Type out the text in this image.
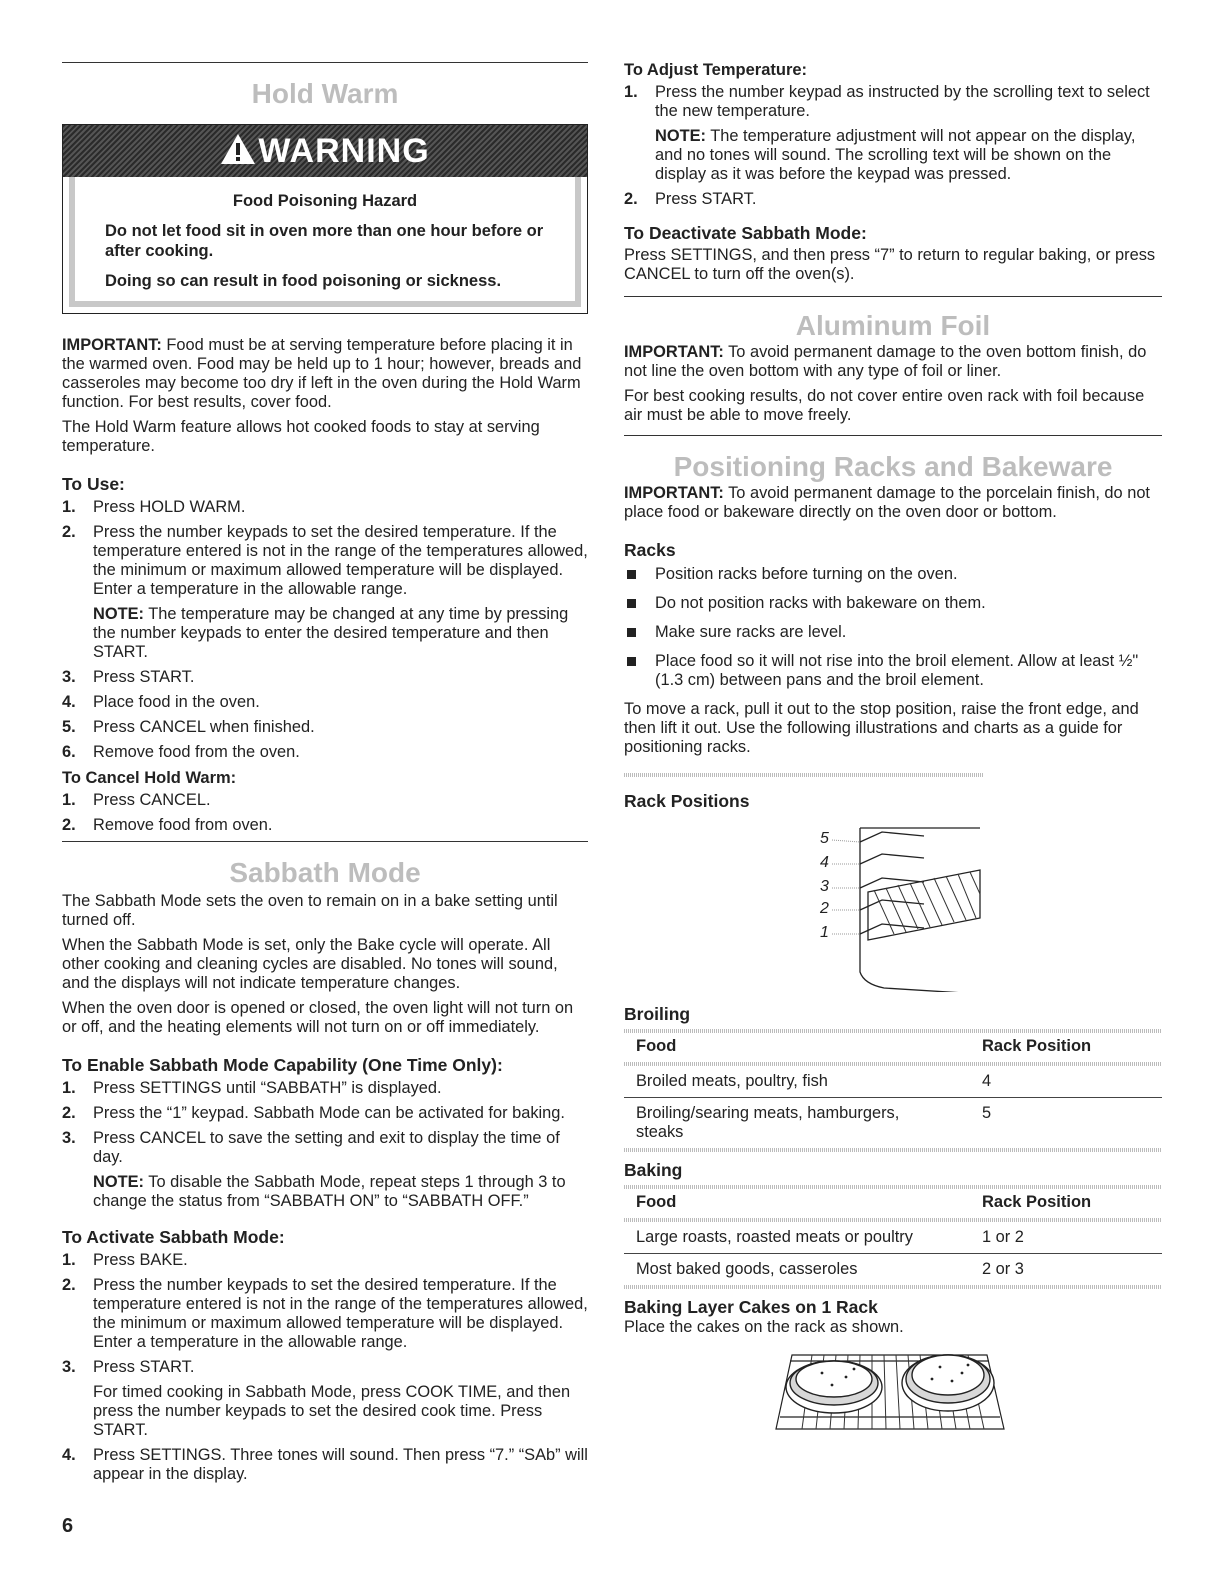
Hold Warm
WARNING

Food Poisoning Hazard

Do not let food sit in oven more than one hour before or after cooking.

Doing so can result in food poisoning or sickness.

IMPORTANT: Food must be at serving temperature before placing it in the warmed oven. Food may be held up to 1 hour; however, breads and casseroles may become too dry if left in the oven during the Hold Warm function. For best results, cover food.

The Hold Warm feature allows hot cooked foods to stay at serving temperature.

To Use:
1. Press HOLD WARM.
2. Press the number keypads to set the desired temperature. If the temperature entered is not in the range of the temperatures allowed, the minimum or maximum allowed temperature will be displayed. Enter a temperature in the allowable range.
NOTE: The temperature may be changed at any time by pressing the number keypads to enter the desired temperature and then START.
3. Press START.
4. Place food in the oven.
5. Press CANCEL when finished.
6. Remove food from the oven.
To Cancel Hold Warm:
1. Press CANCEL.
2. Remove food from oven.
Sabbath Mode

The Sabbath Mode sets the oven to remain on in a bake setting until turned off.

When the Sabbath Mode is set, only the Bake cycle will operate. All other cooking and cleaning cycles are disabled. No tones will sound, and the displays will not indicate temperature changes.

When the oven door is opened or closed, the oven light will not turn on or off, and the heating elements will not turn on or off immediately.

To Enable Sabbath Mode Capability (One Time Only):
1. Press SETTINGS until “SABBATH” is displayed.
2. Press the “1” keypad. Sabbath Mode can be activated for baking.
3. Press CANCEL to save the setting and exit to display the time of day.
NOTE: To disable the Sabbath Mode, repeat steps 1 through 3 to change the status from “SABBATH ON” to “SABBATH OFF.”
To Activate Sabbath Mode:
1. Press BAKE.
2. Press the number keypads to set the desired temperature. If the temperature entered is not in the range of the temperatures allowed, the minimum or maximum allowed temperature will be displayed. Enter a temperature in the allowable range.
3. Press START.
For timed cooking in Sabbath Mode, press COOK TIME, and then press the number keypads to set the desired cook time. Press START.
4. Press SETTINGS. Three tones will sound. Then press “7.” “SAb” will appear in the display.
6
To Adjust Temperature:
1. Press the number keypad as instructed by the scrolling text to select the new temperature.
NOTE: The temperature adjustment will not appear on the display, and no tones will sound. The scrolling text will be shown on the display as it was before the keypad was pressed.
2. Press START.
To Deactivate Sabbath Mode:

Press SETTINGS, and then press “7” to return to regular baking, or press CANCEL to turn off the oven(s).

Aluminum Foil

IMPORTANT: To avoid permanent damage to the oven bottom finish, do not line the oven bottom with any type of foil or liner.

For best cooking results, do not cover entire oven rack with foil because air must be able to move freely.

Positioning Racks and Bakeware

IMPORTANT: To avoid permanent damage to the porcelain finish, do not place food or bakeware directly on the oven door or bottom.

Racks
Position racks before turning on the oven.
Do not position racks with bakeware on them.
Make sure racks are level.
Place food so it will not rise into the broil element. Allow at least ½" (1.3 cm) between pans and the broil element.

To move a rack, pull it out to the stop position, raise the front edge, and then lift it out. Use the following illustrations and charts as a guide for positioning racks.

Rack Positions
5
4
3
2
1
Broiling
Food	Rack Position

Broiled meats, poultry, fish	4
Broiling/searing meats, hamburgers, steaks	5
Baking
Food	Rack Position

Large roasts, roasted meats or poultry	1 or 2
Most baked goods, casseroles	2 or 3
Baking Layer Cakes on 1 Rack

Place the cakes on the rack as shown.
